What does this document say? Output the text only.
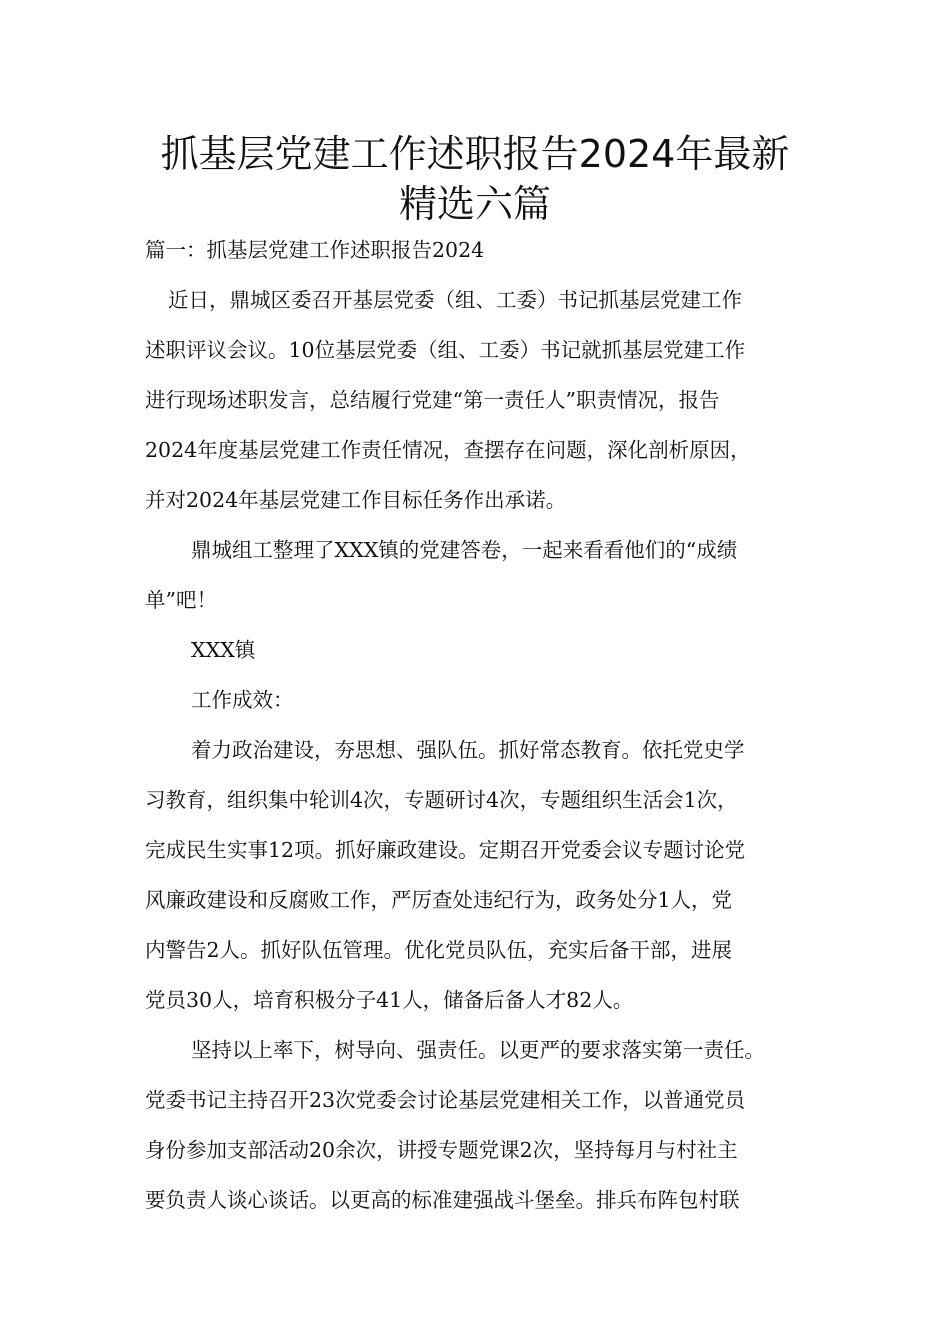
抓基层党建工作述职报告2024年最新
精选六篇
篇一：抓基层党建工作述职报告2024
近日，鼎城区委召开基层党委（组、工委）书记抓基层党建工作
述职评议会议。10位基层党委（组、工委）书记就抓基层党建工作
进行现场述职发言，总结履行党建“第一责任人”职责情况，报告
2024年度基层党建工作责任情况，查摆存在问题，深化剖析原因，
并对2024年基层党建工作目标任务作出承诺。
鼎城组工整理了XXX镇的党建答卷，一起来看看他们的“成绩
单”吧！
XXX镇
工作成效：
着力政治建设，夯思想、强队伍。抓好常态教育。依托党史学
习教育，组织集中轮训4次，专题研讨4次，专题组织生活会1次，
完成民生实事12项。抓好廉政建设。定期召开党委会议专题讨论党
风廉政建设和反腐败工作，严厉查处违纪行为，政务处分1人，党
内警告2人。抓好队伍管理。优化党员队伍，充实后备干部，进展
党员30人，培育积极分子41人，储备后备人才82人。
坚持以上率下，树导向、强责任。以更严的要求落实第一责任。
党委书记主持召开23次党委会讨论基层党建相关工作，以普通党员
身份参加支部活动20余次，讲授专题党课2次，坚持每月与村社主
要负责人谈心谈话。以更高的标准建强战斗堡垒。排兵布阵包村联
